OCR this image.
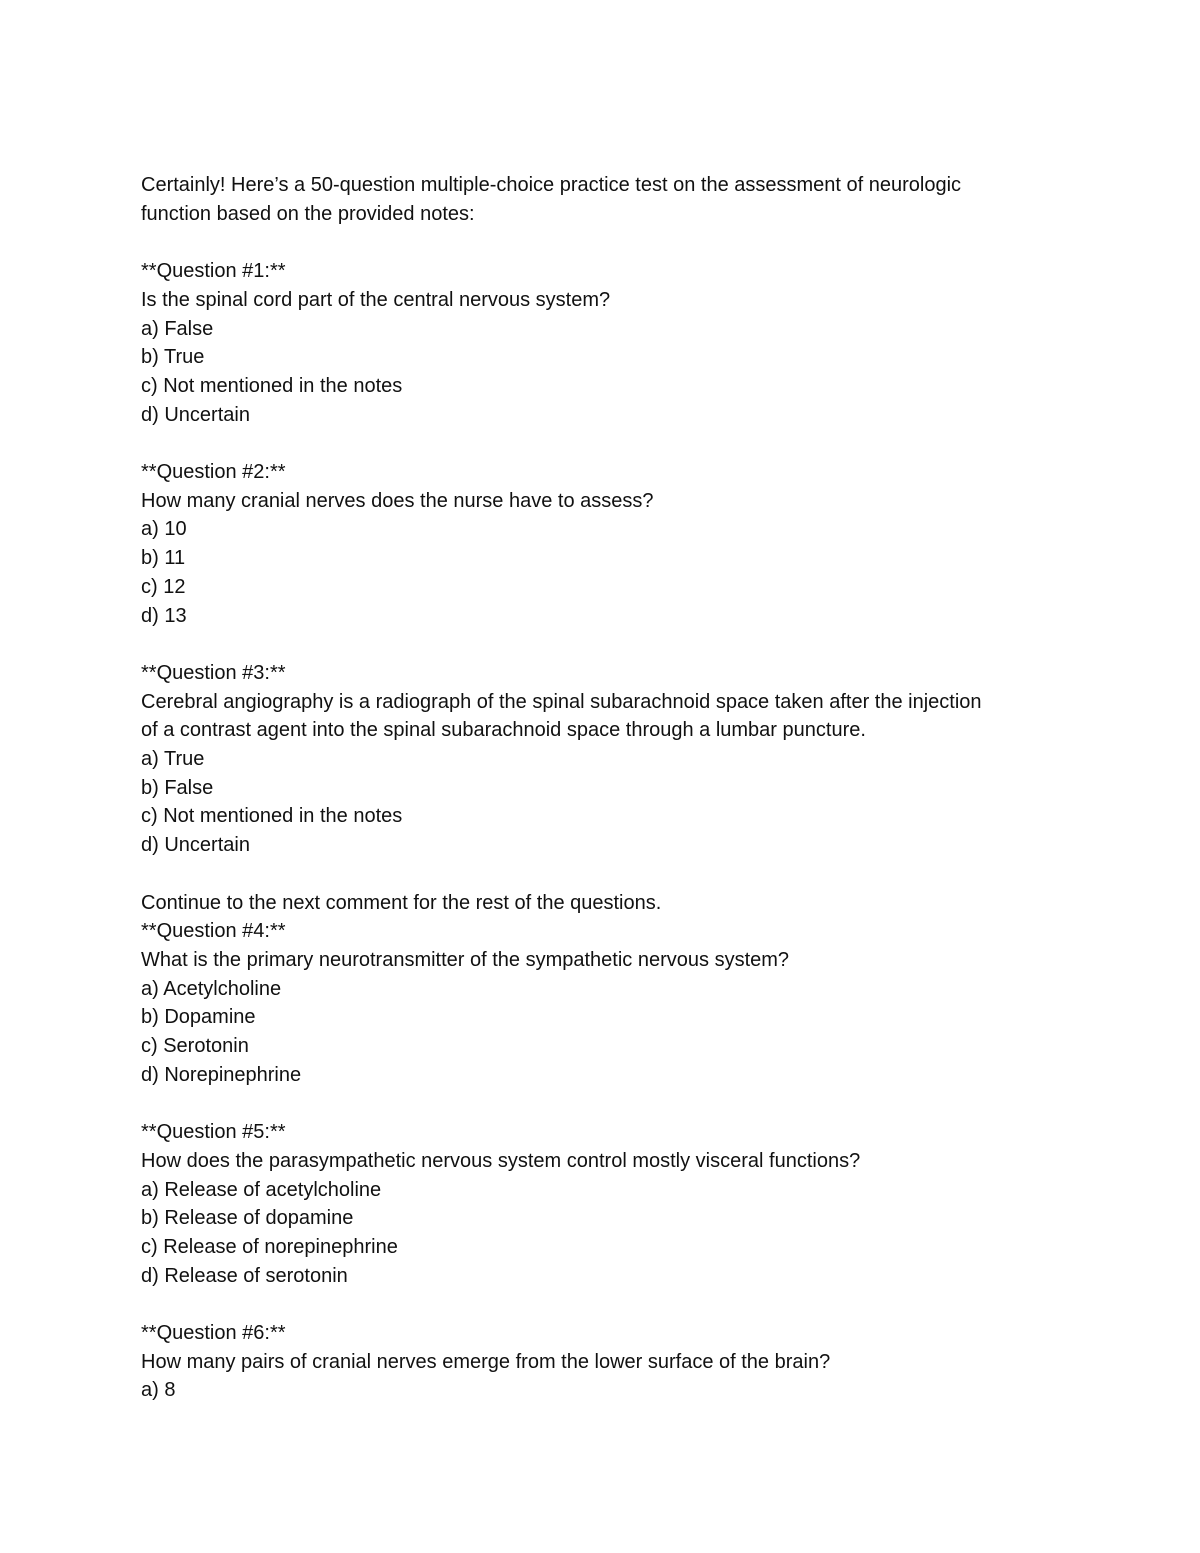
Certainly! Here’s a 50-question multiple-choice practice test on the assessment of neurologic
function based on the provided notes:
**Question #1:**
Is the spinal cord part of the central nervous system?
a) False
b) True
c) Not mentioned in the notes
d) Uncertain
**Question #2:**
How many cranial nerves does the nurse have to assess?
a) 10
b) 11
c) 12
d) 13
**Question #3:**
Cerebral angiography is a radiograph of the spinal subarachnoid space taken after the injection
of a contrast agent into the spinal subarachnoid space through a lumbar puncture.
a) True
b) False
c) Not mentioned in the notes
d) Uncertain
Continue to the next comment for the rest of the questions.
**Question #4:**
What is the primary neurotransmitter of the sympathetic nervous system?
a) Acetylcholine
b) Dopamine
c) Serotonin
d) Norepinephrine
**Question #5:**
How does the parasympathetic nervous system control mostly visceral functions?
a) Release of acetylcholine
b) Release of dopamine
c) Release of norepinephrine
d) Release of serotonin
**Question #6:**
How many pairs of cranial nerves emerge from the lower surface of the brain?
a) 8
